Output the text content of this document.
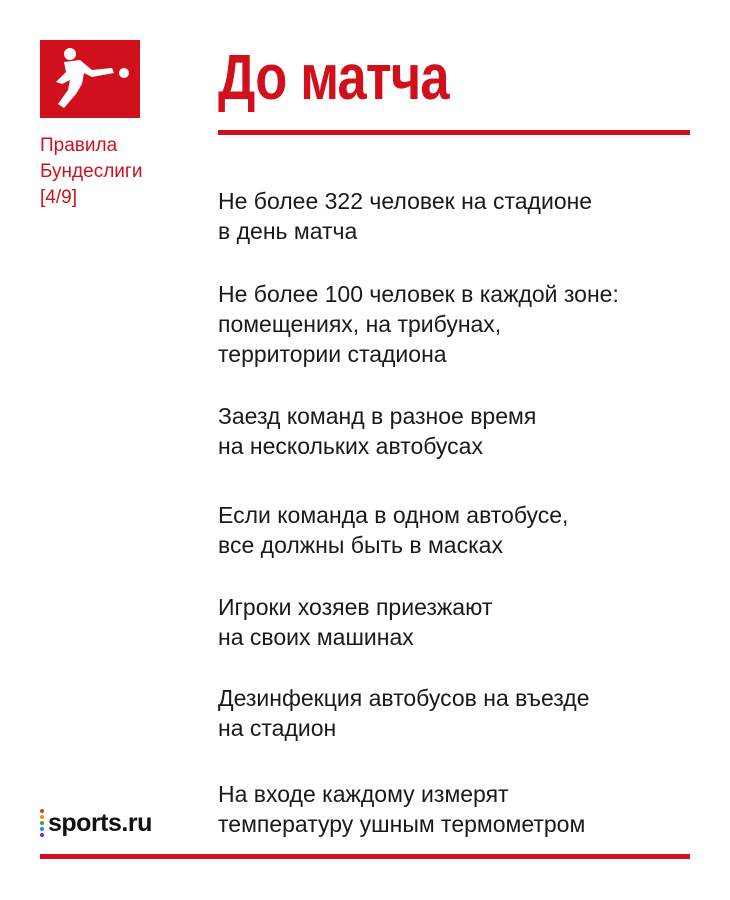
Правила
Бундеслиги
[4/9]
До матча
Не более 322 человек на стадионе
в день матча
Не более 100 человек в каждой зоне:
помещениях, на трибунах,
территории стадиона
Заезд команд в разное время
на нескольких автобусах
Если команда в одном автобусе,
все должны быть в масках
Игроки хозяев приезжают
на своих машинах
Дезинфекция автобусов на въезде
на стадион
На входе каждому измерят
температуру ушным термометром
sports.ru
